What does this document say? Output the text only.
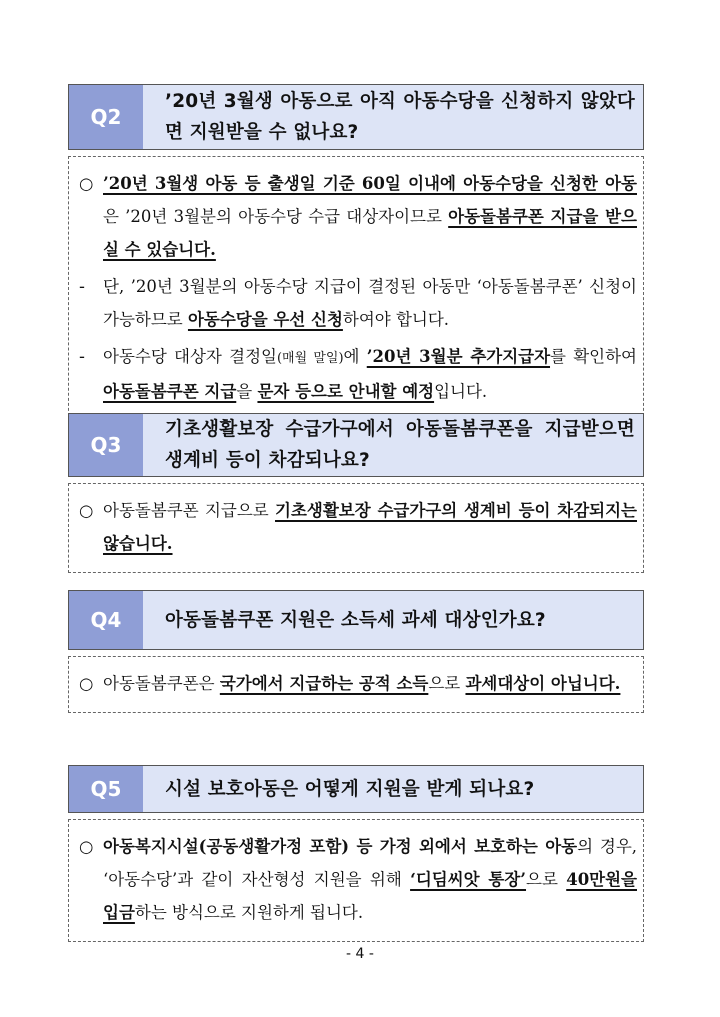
Q2
’20년 3월생 아동으로 아직 아동수당을 신청하지 않았다면 지원받을 수 없나요?
○ ’20년 3월생 아동 등 출생일 기준 60일 이내에 아동수당을 신청한 아동은 ’20년 3월분의 아동수당 수급 대상자이므로 아동돌봄쿠폰 지급을 받으실 수 있습니다.
-	단, ’20년 3월분의 아동수당 지급이 결정된 아동만 ‘아동돌봄쿠폰’ 신청이 가능하므로 아동수당을 우선 신청하여야 합니다.
-	아동수당 대상자 결정일(매월 말일)에 ’20년 3월분 추가지급자를 확인하여 아동돌봄쿠폰 지급을 문자 등으로 안내할 예정입니다.
Q3
기초생활보장 수급가구에서 아동돌봄쿠폰을 지급받으면 생계비 등이 차감되나요?
○ 아동돌봄쿠폰 지급으로 기초생활보장 수급가구의 생계비 등이 차감되지는 않습니다.
Q4	아동돌봄쿠폰 지원은 소득세 과세 대상인가요?
○ 아동돌봄쿠폰은 국가에서 지급하는 공적 소득으로 과세대상이 아닙니다.
Q5	시설 보호아동은 어떻게 지원을 받게 되나요?
○ 아동복지시설(공동생활가정 포함) 등 가정 외에서 보호하는 아동의 경우, ‘아동수당’과 같이 자산형성 지원을 위해 ‘디딤씨앗 통장’으로 40만원을 입금하는 방식으로 지원하게 됩니다.
- 4 -
